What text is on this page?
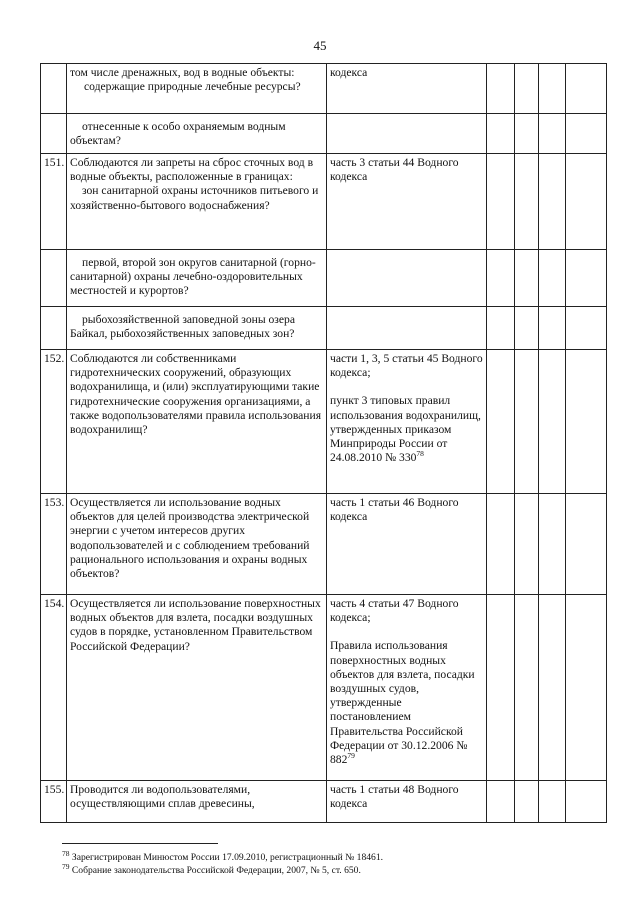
45

	том числе дренажных, вод в водные объекты:
содержащие природные лечебные ресурсы?	кодекса				

	отнесенные к особо охраняемым водным объектам?					

151.	Соблюдаются ли запреты на сброс сточных вод в водные объекты, расположенные в границах:
зон санитарной охраны источников питьевого и хозяйственно-бытового водоснабжения?	часть 3 статьи 44 Водного кодекса				

	первой, второй зон округов санитарной (горно-санитарной) охраны лечебно-оздоровительных местностей и курортов?					

	рыбохозяйственной заповедной зоны озера Байкал, рыбохозяйственных заповедных зон?					

152.	Соблюдаются ли собственниками гидротехнических сооружений, образующих водохранилища, и (или) эксплуатирующими такие гидротехнические сооружения организациями, а также водопользователями правила использования водохранилищ?	части 1, 3, 5 статьи 45 Водного кодекса;
пункт 3 типовых правил использования водохранилищ, утвержденных приказом Минприроды России от 24.08.2010 № $330^{78}$

153.	Осуществляется ли использование водных объектов для целей производства электрической энергии с учетом интересов других водопользователей и с соблюдением требований рационального использования и охраны водных объектов?	часть 1 статьи 46 Водного кодекса				

154.	Осуществляется ли использование поверхностных водных объектов для взлета, посадки воздушных судов в порядке, установленном Правительством Российской Федерации?	часть 4 статьи 47 Водного кодекса;
Правила использования поверхностных водных объектов для взлета, посадки воздушных судов, утвержденные постановлением Правительства Российской Федерации от 30.12.2006 № $882^{79}$

155.	Проводится ли водопользователями, осуществляющими сплав древесины,	часть 1 статьи 48 Водного кодекса				

$^{78}$ Зарегистрирован Минюстом России 17.09.2010, регистрационный № 18461.
$^{79}$ Собрание законодательства Российской Федерации, 2007, № 5, ст. 650.
